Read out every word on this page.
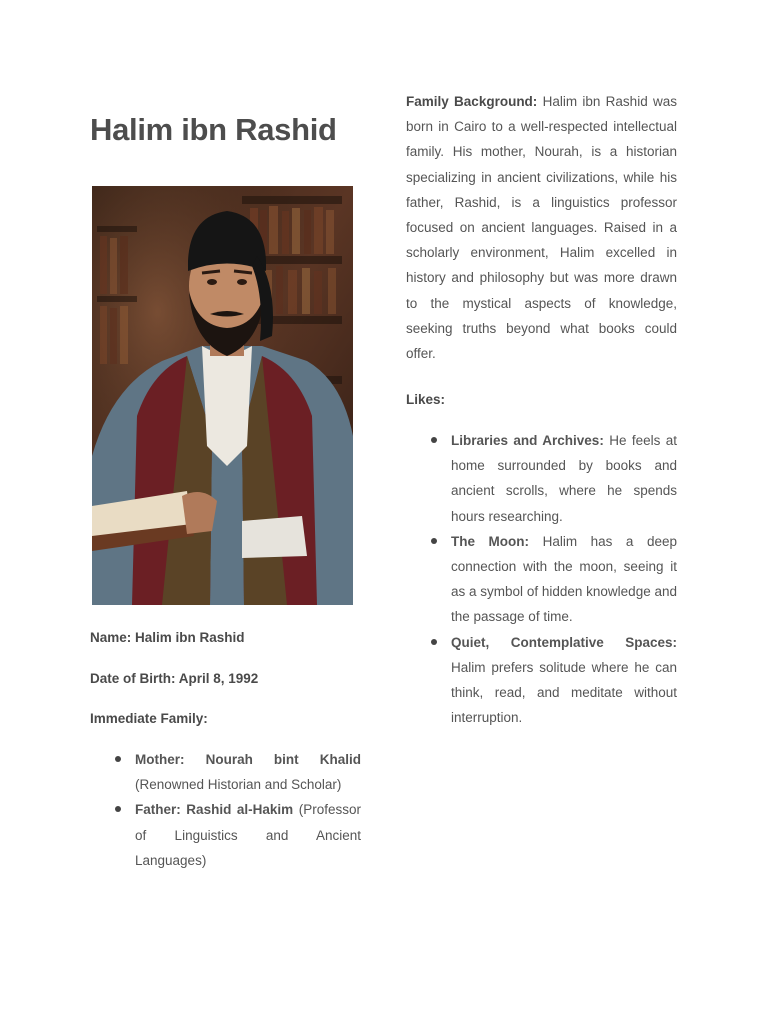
Halim ibn Rashid

Name: Halim ibn Rashid

Date of Birth: April 8, 1992

Immediate Family:

Mother: Nourah bint Khalid (Renowned Historian and Scholar)
Father: Rashid al-Hakim (Professor of Linguistics and Ancient Languages)

Family Background: Halim ibn Rashid was born in Cairo to a well-respected intellectual family. His mother, Nourah, is a historian specializing in ancient civilizations, while his father, Rashid, is a linguistics professor focused on ancient languages. Raised in a scholarly environment, Halim excelled in history and philosophy but was more drawn to the mystical aspects of knowledge, seeking truths beyond what books could offer.

Likes:

Libraries and Archives: He feels at home surrounded by books and ancient scrolls, where he spends hours researching.
The Moon: Halim has a deep connection with the moon, seeing it as a symbol of hidden knowledge and the passage of time.
Quiet, Contemplative Spaces: Halim prefers solitude where he can think, read, and meditate without interruption.
